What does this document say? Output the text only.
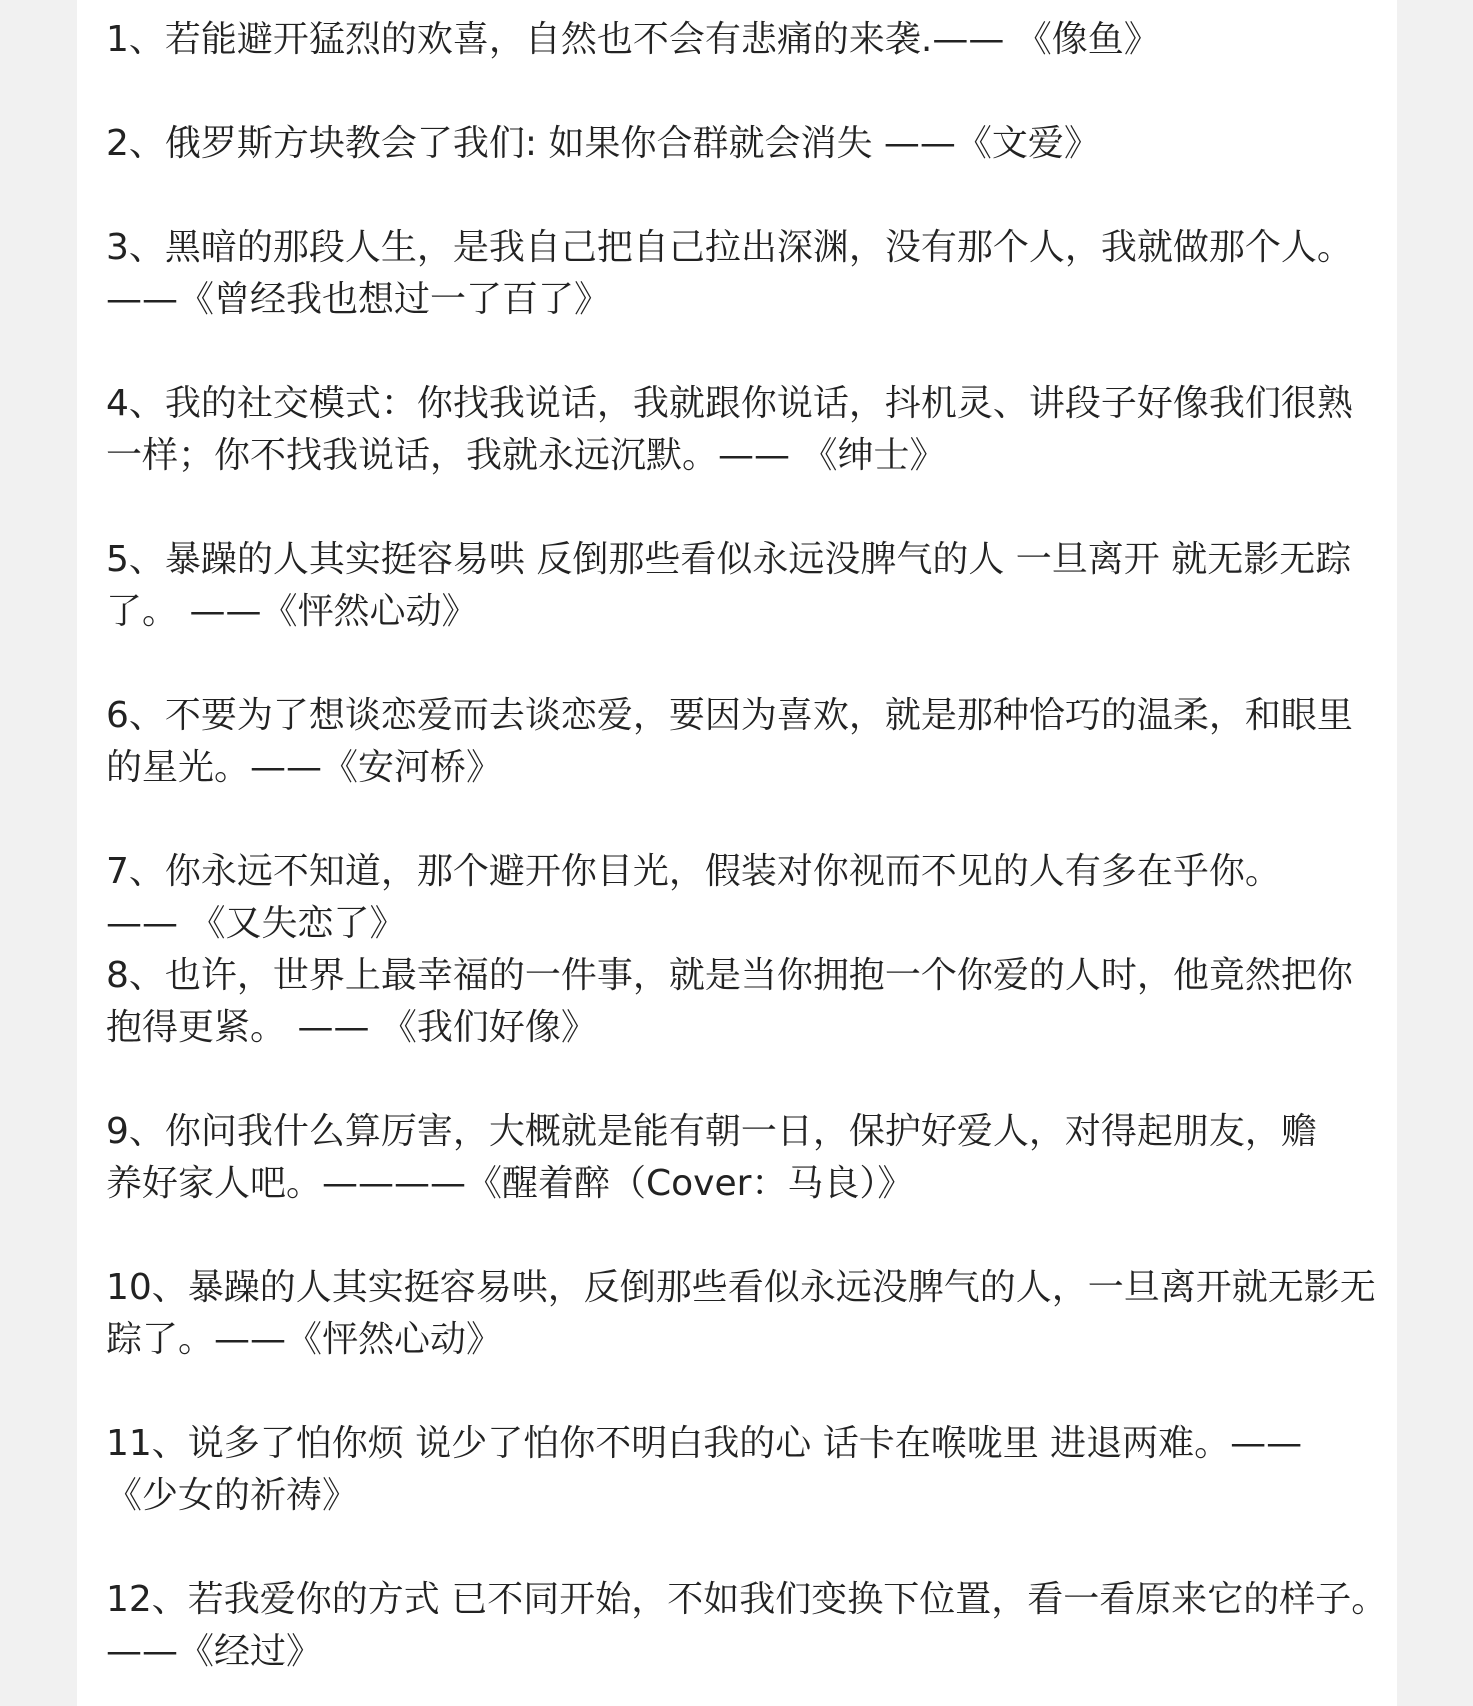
1、若能避开猛烈的欢喜，自然也不会有悲痛的来袭.—— 《像鱼》

2、俄罗斯方块教会了我们: 如果你合群就会消失 ——《文爱》

3、黑暗的那段人生，是我自己把自己拉出深渊，没有那个人，我就做那个人。——《曾经我也想过一了百了》

4、我的社交模式：你找我说话，我就跟你说话，抖机灵、讲段子好像我们很熟一样；你不找我说话，我就永远沉默。—— 《绅士》

5、暴躁的人其实挺容易哄 反倒那些看似永远没脾气的人 一旦离开 就无影无踪了。 ——《怦然心动》

6、不要为了想谈恋爱而去谈恋爱，要因为喜欢，就是那种恰巧的温柔，和眼里的星光。——《安河桥》

7、你永远不知道，那个避开你目光，假装对你视而不见的人有多在乎你。—— 《又失恋了》

8、也许，世界上最幸福的一件事，就是当你拥抱一个你爱的人时，他竟然把你抱得更紧。 —— 《我们好像》

9、你问我什么算厉害，大概就是能有朝一日，保护好爱人，对得起朋友，赡养好家人吧。————《醒着醉（Cover：马良）》

10、暴躁的人其实挺容易哄，反倒那些看似永远没脾气的人，一旦离开就无影无踪了。——《怦然心动》

11、说多了怕你烦 说少了怕你不明白我的心 话卡在喉咙里 进退两难。—— 《少女的祈祷》

12、若我爱你的方式 已不同开始，不如我们变换下位置，看一看原来它的样子。——《经过》
